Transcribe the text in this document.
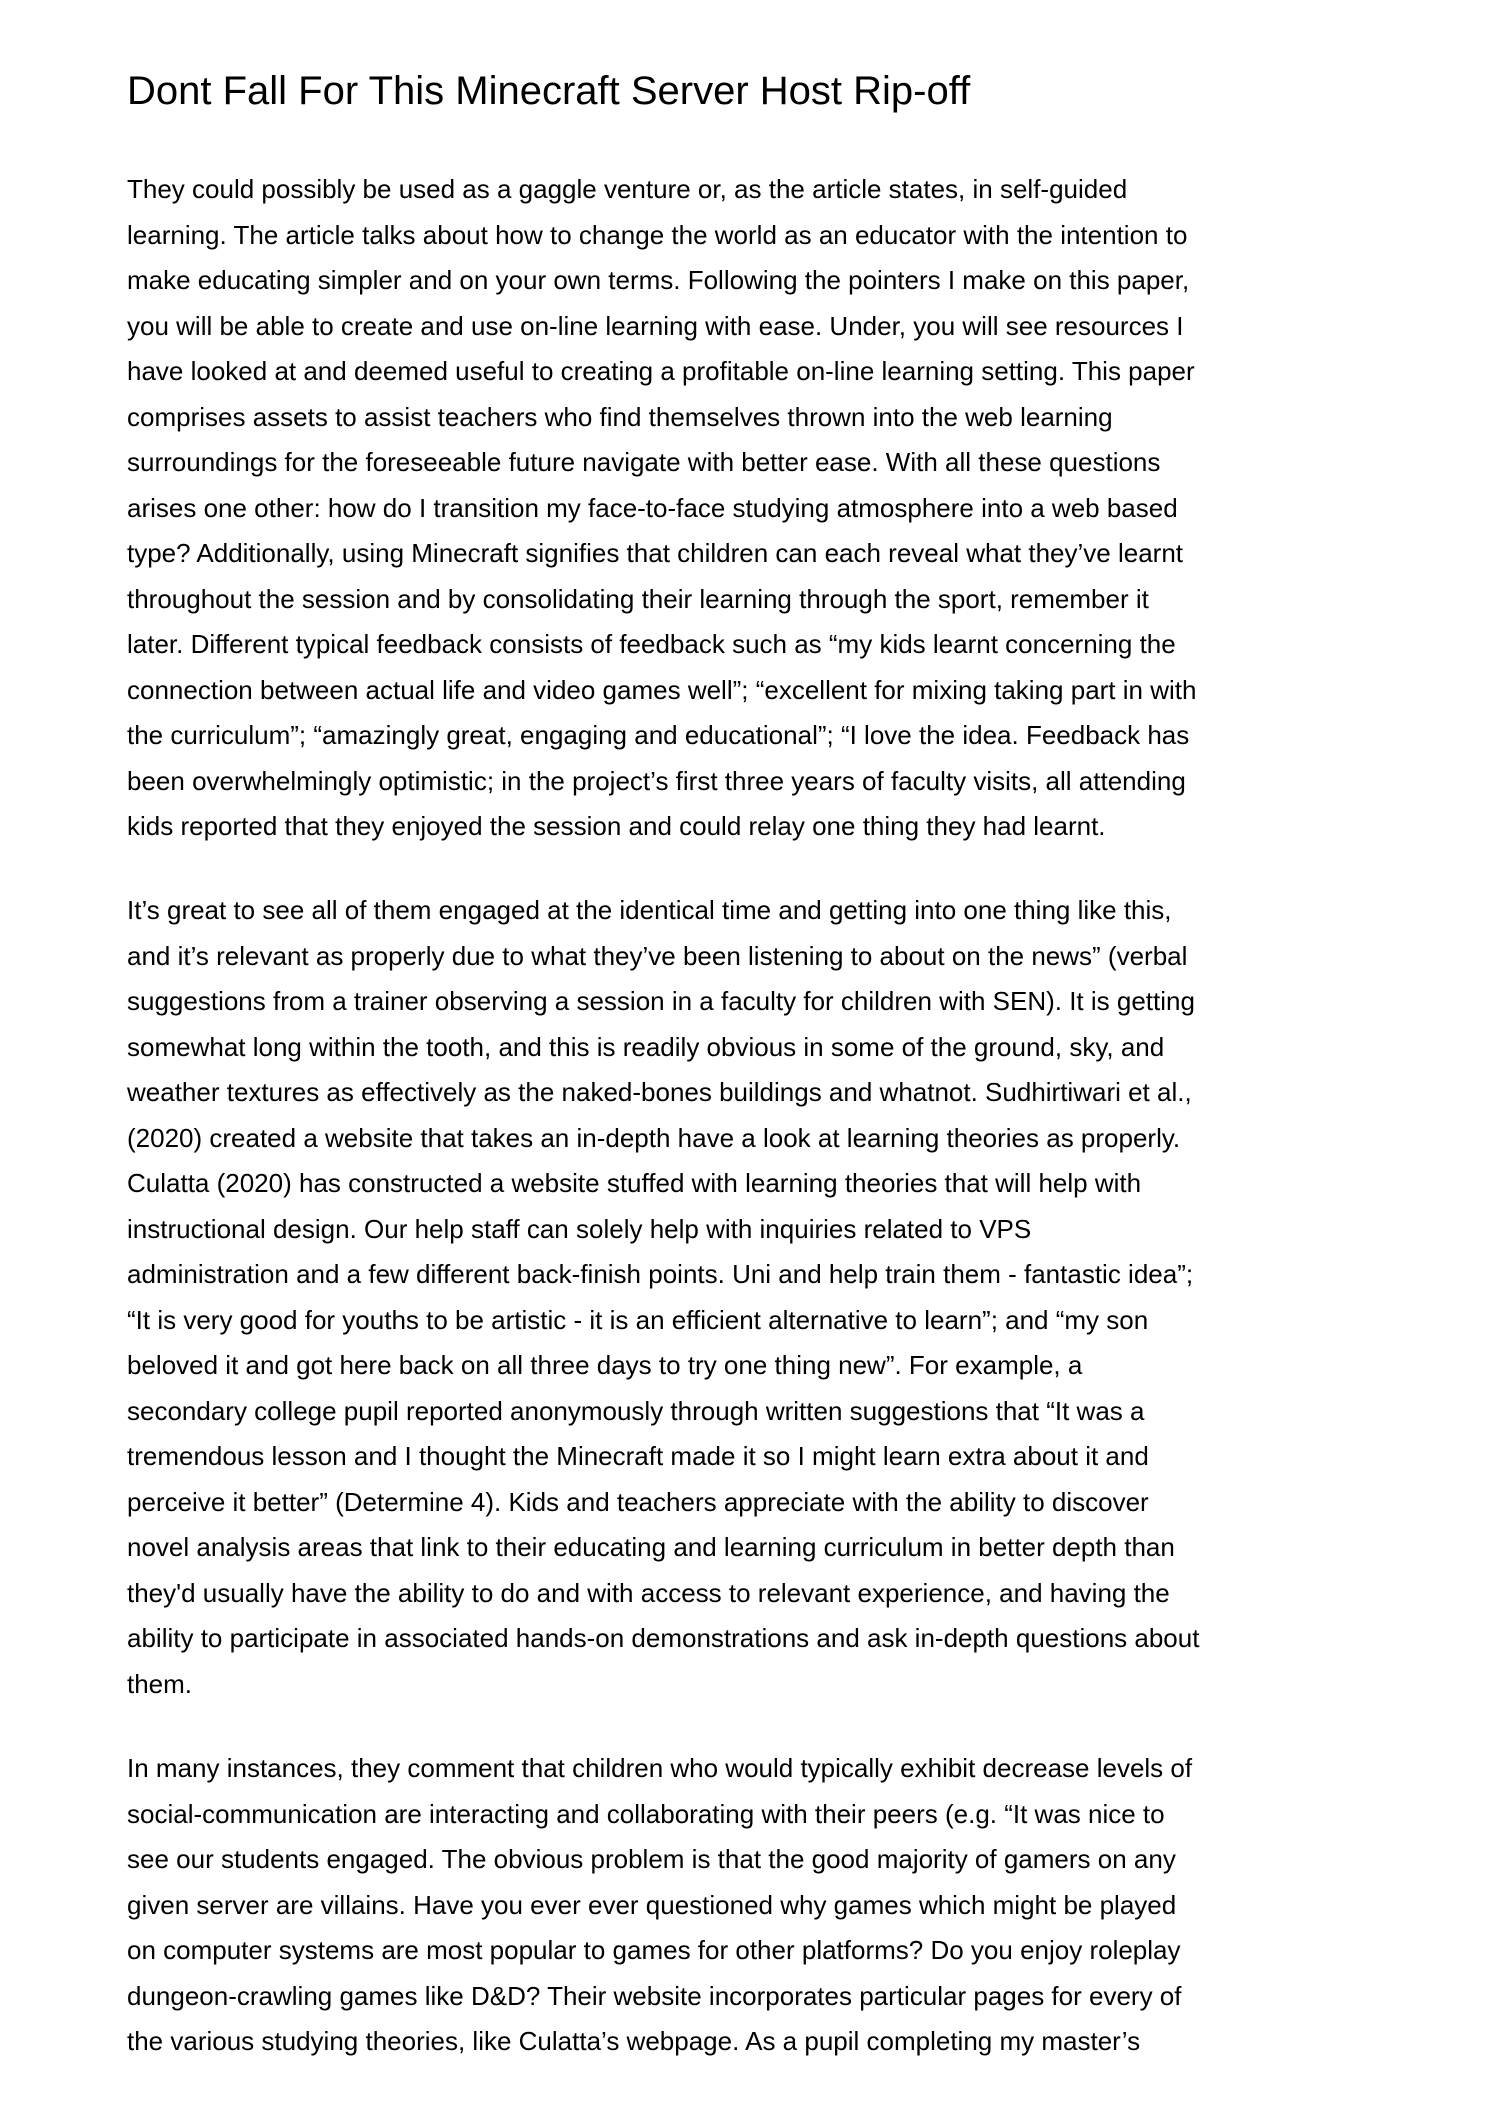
Dont Fall For This Minecraft Server Host Rip-off

They could possibly be used as a gaggle venture or, as the article states, in self-guided
learning. The article talks about how to change the world as an educator with the intention to
make educating simpler and on your own terms. Following the pointers I make on this paper,
you will be able to create and use on-line learning with ease. Under, you will see resources I
have looked at and deemed useful to creating a profitable on-line learning setting. This paper
comprises assets to assist teachers who find themselves thrown into the web learning
surroundings for the foreseeable future navigate with better ease. With all these questions
arises one other: how do I transition my face-to-face studying atmosphere into a web based
type? Additionally, using Minecraft signifies that children can each reveal what they’ve learnt
throughout the session and by consolidating their learning through the sport, remember it
later. Different typical feedback consists of feedback such as “my kids learnt concerning the
connection between actual life and video games well”; “excellent for mixing taking part in with
the curriculum”; “amazingly great, engaging and educational”; “I love the idea. Feedback has
been overwhelmingly optimistic; in the project’s first three years of faculty visits, all attending
kids reported that they enjoyed the session and could relay one thing they had learnt.

It’s great to see all of them engaged at the identical time and getting into one thing like this,
and it’s relevant as properly due to what they’ve been listening to about on the news” (verbal
suggestions from a trainer observing a session in a faculty for children with SEN). It is getting
somewhat long within the tooth, and this is readily obvious in some of the ground, sky, and
weather textures as effectively as the naked-bones buildings and whatnot. Sudhirtiwari et al.,
(2020) created a website that takes an in-depth have a look at learning theories as properly.
Culatta (2020) has constructed a website stuffed with learning theories that will help with
instructional design. Our help staff can solely help with inquiries related to VPS
administration and a few different back-finish points. Uni and help train them - fantastic idea”;
“It is very good for youths to be artistic - it is an efficient alternative to learn”; and “my son
beloved it and got here back on all three days to try one thing new”. For example, a
secondary college pupil reported anonymously through written suggestions that “It was a
tremendous lesson and I thought the Minecraft made it so I might learn extra about it and
perceive it better” (Determine 4). Kids and teachers appreciate with the ability to discover
novel analysis areas that link to their educating and learning curriculum in better depth than
they'd usually have the ability to do and with access to relevant experience, and having the
ability to participate in associated hands-on demonstrations and ask in-depth questions about
them.

In many instances, they comment that children who would typically exhibit decrease levels of
social-communication are interacting and collaborating with their peers (e.g. “It was nice to
see our students engaged. The obvious problem is that the good majority of gamers on any
given server are villains. Have you ever ever questioned why games which might be played
on computer systems are most popular to games for other platforms? Do you enjoy roleplay
dungeon-crawling games like D&D? Their website incorporates particular pages for every of
the various studying theories, like Culatta’s webpage. As a pupil completing my master’s
